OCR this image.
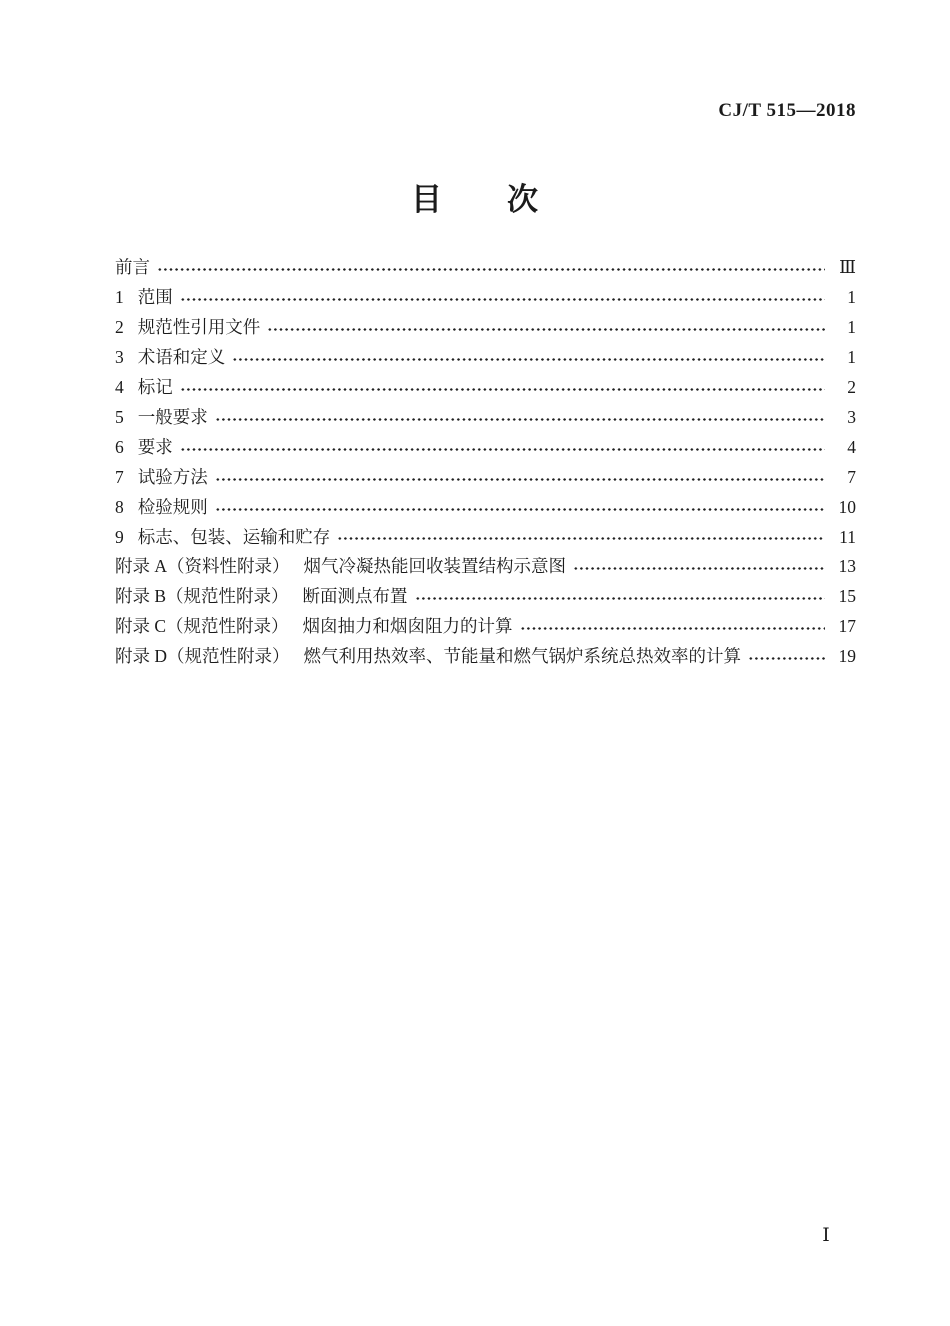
CJ/T 515—2018
目　　次
前言	Ⅲ
1 范围	1
2 规范性引用文件	1
3 术语和定义	1
4 标记	2
5 一般要求	3
6 要求	4
7 试验方法	7
8 检验规则	10
9 标志、包装、运输和贮存	11
附录 A（资料性附录） 烟气冷凝热能回收装置结构示意图	13
附录 B（规范性附录） 断面测点布置	15
附录 C（规范性附录） 烟囱抽力和烟囱阻力的计算	17
附录 D（规范性附录） 燃气利用热效率、节能量和燃气锅炉系统总热效率的计算	19
Ⅰ
